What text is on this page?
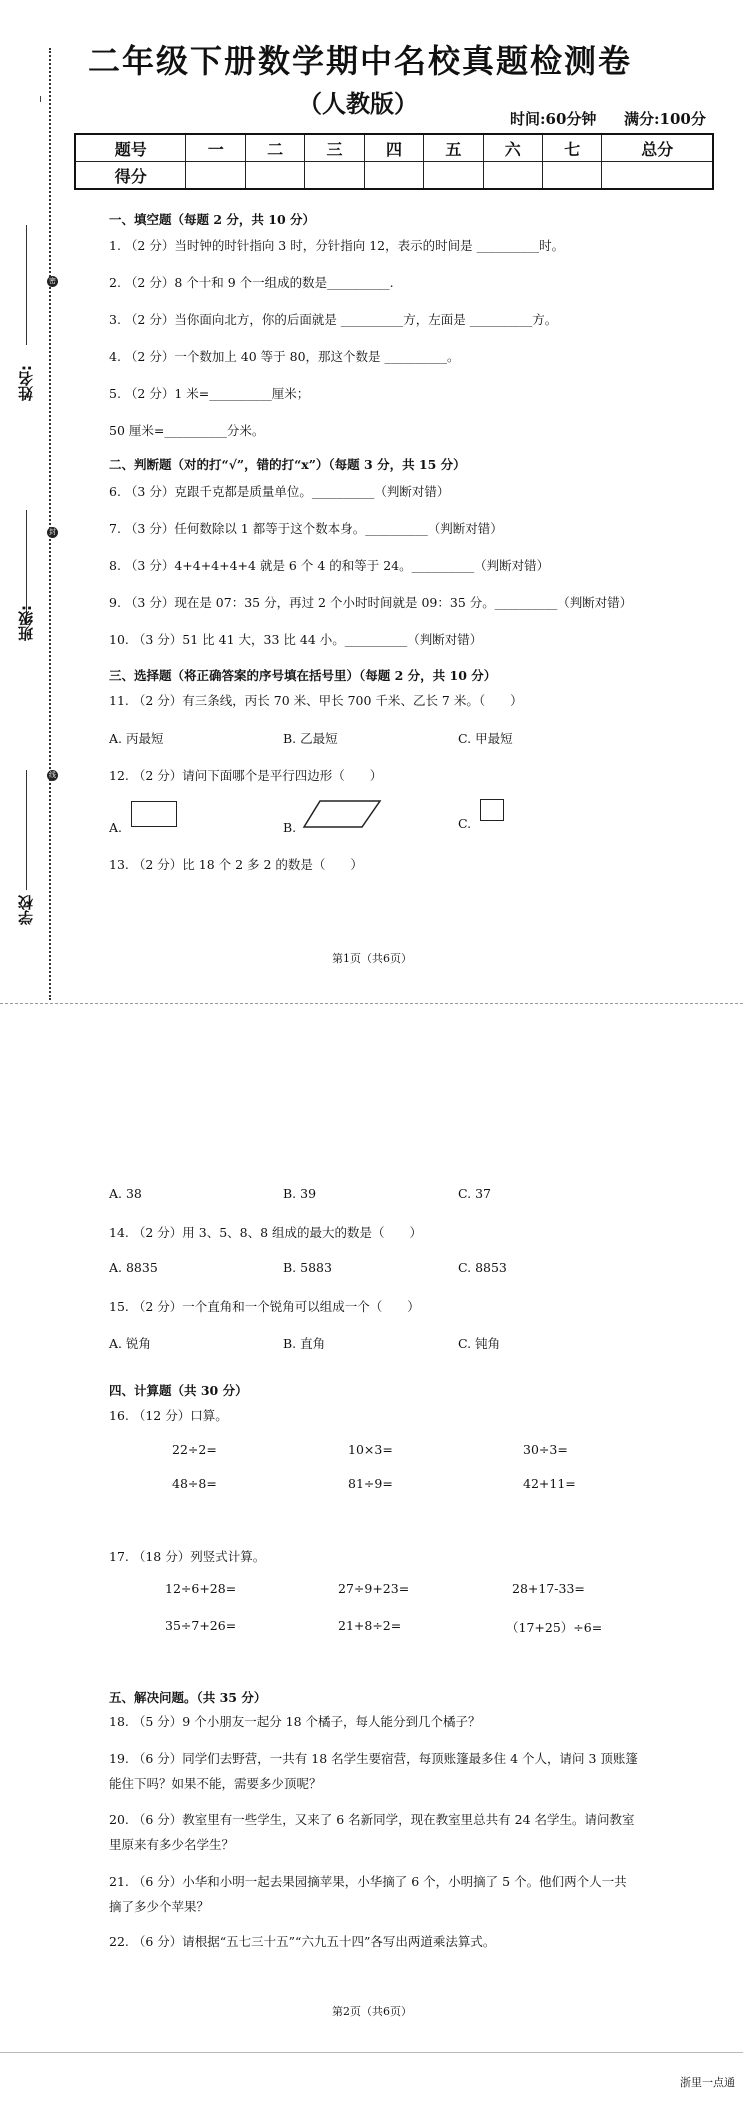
姓名:
密
班级:
封
学校
线
二年级下册数学期中名校真题检测卷
（人教版）
时间:60分钟 满分:100分
题号	一	二	三	四	五	六	七	总分
得分								
一、填空题（每题 2 分，共 10 分）
1. （2 分）当时钟的时针指向 3 时，分针指向 12，表示的时间是 __________时。
2. （2 分）8 个十和 9 个一组成的数是__________.
3. （2 分）当你面向北方，你的后面就是 __________方，左面是 __________方。
4. （2 分）一个数加上 40 等于 80，那这个数是 __________。
5. （2 分）1 米=__________厘米；
50 厘米=__________分米。
二、判断题（对的打“√”，错的打“x”）（每题 3 分，共 15 分）
6. （3 分）克跟千克都是质量单位。__________（判断对错）
7. （3 分）任何数除以 1 都等于这个数本身。__________（判断对错）
8. （3 分）4+4+4+4+4 就是 6 个 4 的和等于 24。__________（判断对错）
9. （3 分）现在是 07：35 分，再过 2 个小时时间就是 09：35 分。__________（判断对错）
10. （3 分）51 比 41 大，33 比 44 小。__________（判断对错）
三、选择题（将正确答案的序号填在括号里）（每题 2 分，共 10 分）
11. （2 分）有三条线，丙长 70 米、甲长 700 千米、乙长 7 米。（　　）
A. 丙最短	B. 乙最短	C. 甲最短
12. （2 分）请问下面哪个是平行四边形（　　）
A.	B.	C.
13. （2 分）比 18 个 2 多 2 的数是（　　）
第1页（共6页）
A. 38	B. 39	C. 37
14. （2 分）用 3、5、8、8 组成的最大的数是（　　）
A. 8835	B. 5883	C. 8853
15. （2 分）一个直角和一个锐角可以组成一个（　　）
A. 锐角	B. 直角	C. 钝角
四、计算题（共 30 分）
16. （12 分）口算。
22÷2=	10×3=	30÷3=
48÷8=	81÷9=	42+11=
17. （18 分）列竖式计算。
12÷6+28=	27÷9+23=	28+17-33=
35÷7+26=	21+8÷2=	（17+25）÷6=
五、解决问题。（共 35 分）
18. （5 分）9 个小朋友一起分 18 个橘子，每人能分到几个橘子？
19. （6 分）同学们去野营，一共有 18 名学生要宿营，每顶账篷最多住 4 个人，请问 3 顶账篷
能住下吗？如果不能，需要多少顶呢？
20. （6 分）教室里有一些学生，又来了 6 名新同学，现在教室里总共有 24 名学生。请问教室
里原来有多少名学生？
21. （6 分）小华和小明一起去果园摘苹果，小华摘了 6 个，小明摘了 5 个。他们两个人一共
摘了多少个苹果？
22. （6 分）请根据“五七三十五”“六九五十四”各写出两道乘法算式。
第2页（共6页）
浙里一点通
